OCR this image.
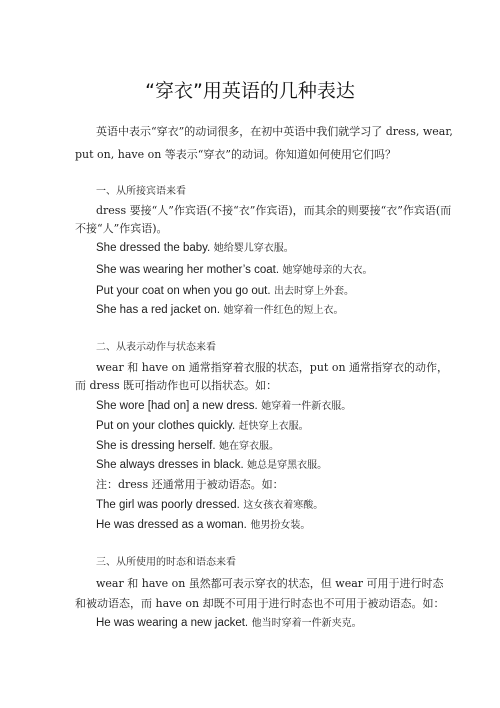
“穿衣”用英语的几种表达
英语中表示“穿衣”的动词很多，在初中英语中我们就学习了 dress, wear,
put on, have on 等表示“穿衣”的动词。你知道如何使用它们吗？
一、从所接宾语来看
dress 要接“人”作宾语(不接“衣”作宾语)，而其余的则要接“衣”作宾语(而
不接“人”作宾语)。
She dressed the baby. 她给婴儿穿衣服。
She was wearing her mother’s coat. 她穿她母亲的大衣。
Put your coat on when you go out. 出去时穿上外套。
She has a red jacket on. 她穿着一件红色的短上衣。
二、从表示动作与状态来看
wear 和 have on 通常指穿着衣服的状态，put on 通常指穿衣的动作，
而 dress 既可指动作也可以指状态。如：
She wore [had on] a new dress. 她穿着一件新衣服。
Put on your clothes quickly. 赶快穿上衣服。
She is dressing herself. 她在穿衣服。
She always dresses in black. 她总是穿黑衣服。
注：dress 还通常用于被动语态。如：
The girl was poorly dressed. 这女孩衣着寒酸。
He was dressed as a woman. 他男扮女装。
三、从所使用的时态和语态来看
wear 和 have on 虽然都可表示穿衣的状态，但 wear 可用于进行时态
和被动语态，而 have on 却既不可用于进行时态也不可用于被动语态。如：
He was wearing a new jacket. 他当时穿着一件新夹克。
